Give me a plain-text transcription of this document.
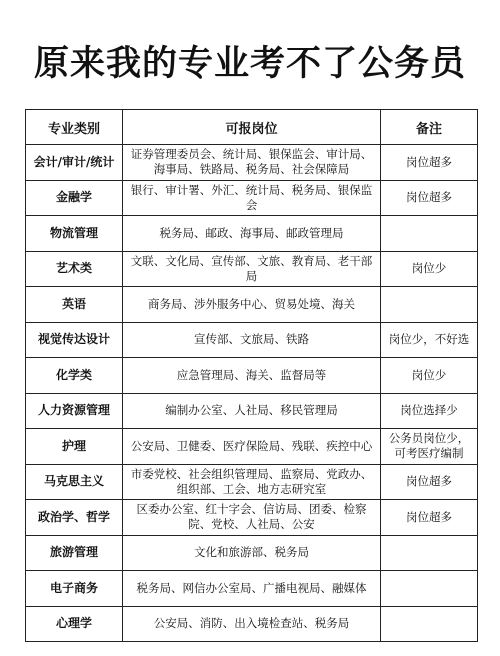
原来我的专业考不了公务员
专业类别	可报岗位	备注
会计/审计/统计	证券管理委员会、统计局、银保监会、审计局、海事局、铁路局、税务局、社会保障局	岗位超多
金融学	银行、审计署、外汇、统计局、税务局、银保监会	岗位超多
物流管理	税务局、邮政、海事局、邮政管理局	
艺术类	文联、文化局、宣传部、文旅、教育局、老干部局	岗位少
英语	商务局、涉外服务中心、贸易处境、海关	
视觉传达设计	宣传部、文旅局、铁路	岗位少，不好选
化学类	应急管理局、海关、监督局等	岗位少
人力资源管理	编制办公室、人社局、移民管理局	岗位选择少
护理	公安局、卫健委、医疗保险局、残联、疾控中心	公务员岗位少，可考医疗编制
马克思主义	市委党校、社会组织管理局、监察局、党政办、组织部、工会、地方志研究室	岗位超多
政治学、哲学	区委办公室、红十字会、信访局、团委、检察院、党校、人社局、公安	岗位超多
旅游管理	文化和旅游部、税务局	
电子商务	税务局、网信办公室局、广播电视局、融媒体	
心理学	公安局、消防、出入境检查站、税务局	
